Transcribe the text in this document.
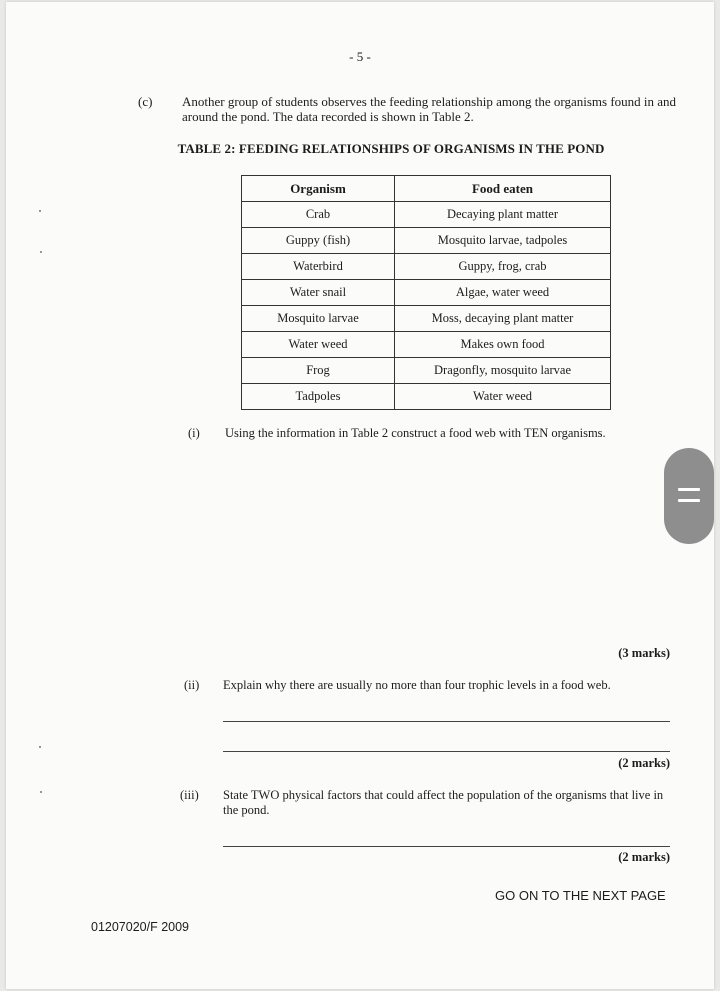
- 5 -
(c) Another group of students observes the feeding relationship among the organisms found in and around the pond. The data recorded is shown in Table 2.
TABLE 2: FEEDING RELATIONSHIPS OF ORGANISMS IN THE POND
Organism	Food eaten
Crab	Decaying plant matter
Guppy (fish)	Mosquito larvae, tadpoles
Waterbird	Guppy, frog, crab
Water snail	Algae, water weed
Mosquito larvae	Moss, decaying plant matter
Water weed	Makes own food
Frog	Dragonfly, mosquito larvae
Tadpoles	Water weed
(i) Using the information in Table 2 construct a food web with TEN organisms.
(3 marks)
(ii) Explain why there are usually no more than four trophic levels in a food web.
(2 marks)
(iii) State TWO physical factors that could affect the population of the organisms that live in the pond.
(2 marks)
GO ON TO THE NEXT PAGE
01207020/F 2009
